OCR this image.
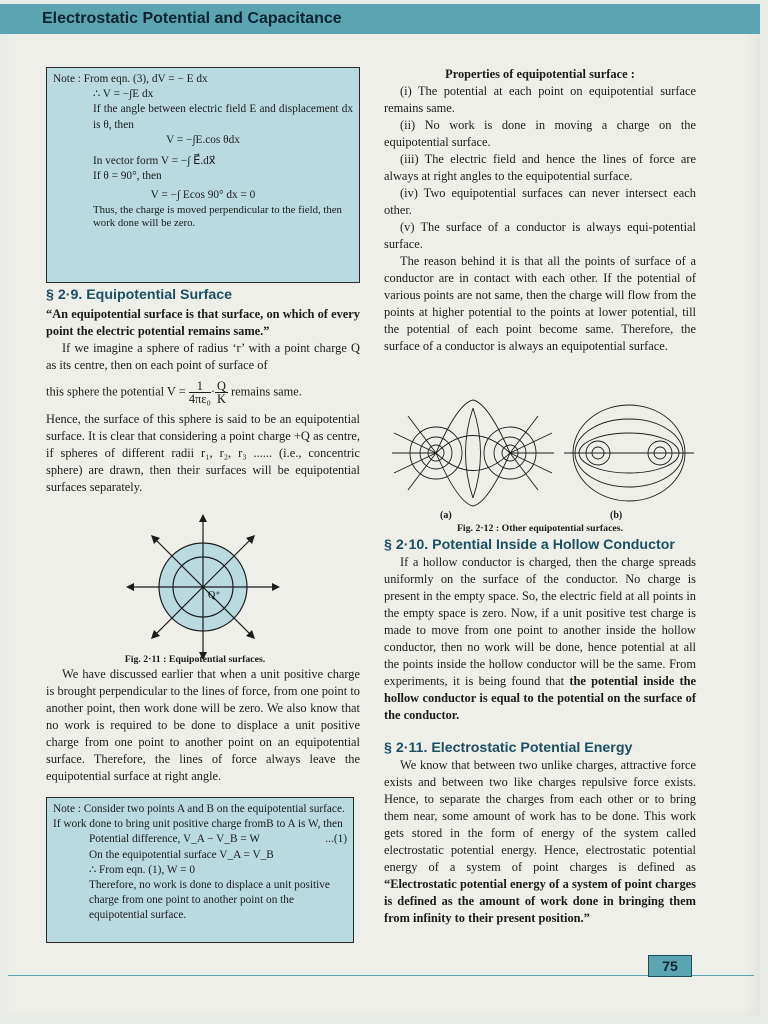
Electrostatic Potential and Capacitance

Note : From eqn. (3), dV = − E dx

∴ V = −∫E dx

If the angle between electric field E and displacement dx is θ, then

V = −∫E.cos θdx

In vector form V = −∫ E⃗.dx⃗

If θ = 90°, then

V = −∫ Ecos 90° dx = 0

Thus, the charge is moved perpendicular to the field, then work done will be zero.

§ 2·9. Equipotential Surface

“An equipotential surface is that surface, on which of every point the electric potential remains same.”

If we imagine a sphere of radius ‘r’ with a point charge Q as its centre, then on each point of surface of

this sphere the potential $V = \frac{1}{\text{4πε₀}} \cdot \frac{Q}{K}$ remains same.

Hence, the surface of this sphere is said to be an equipotential surface. It is clear that considering a point charge +Q as centre, if spheres of different radii r₁, r₂, r₃ ...... (i.e., concentric sphere) are drawn, then their surfaces will be equipotential surfaces separately.

Q⁺
Fig. 2·11 : Equipotential surfaces.

We have discussed earlier that when a unit positive charge is brought perpendicular to the lines of force, from one point to another point, then work done will be zero. We also know that no work is required to be done to displace a unit positive charge from one point to another point on an equipotential surface. Therefore, the lines of force always leave the equipotential surface at right angle.

Note : Consider two points A and B on the equipotential surface. If work done to bring unit positive charge fromB to A is W, then

Potential difference, V_A − V_B = W	...(1)

On the equipotential surface V_A = V_B

∴ From eqn. (1), W = 0

Therefore, no work is done to displace a unit positive charge from one point to another point on the equipotential surface.

Properties of equipotential surface :

(i) The potential at each point on equipotential surface remains same.

(ii) No work is done in moving a charge on the equipotential surface.

(iii) The electric field and hence the lines of force are always at right angles to the equipotential surface.

(iv) Two equipotential surfaces can never intersect each other.

(v) The surface of a conductor is always equi-potential surface.

The reason behind it is that all the points of surface of a conductor are in contact with each other. If the potential of various points are not same, then the charge will flow from the points at higher potential to the points at lower potential, till the potential of each point become same. Therefore, the surface of a conductor is always an equipotential surface.

(a)	(b)
Fig. 2·12 : Other equipotential surfaces.

§ 2·10. Potential Inside a Hollow Conductor

If a hollow conductor is charged, then the charge spreads uniformly on the surface of the conductor. No charge is present in the empty space. So, the electric field at all points in the empty space is zero. Now, if a unit positive test charge is made to move from one point to another inside the hollow conductor, then no work will be done, hence potential at all the points inside the hollow conductor will be the same. From experiments, it is being found that the potential inside the hollow conductor is equal to the potential on the surface of the conductor.

§ 2·11. Electrostatic Potential Energy

We know that between two unlike charges, attractive force exists and between two like charges repulsive force exists. Hence, to separate the charges from each other or to bring them near, some amount of work has to be done. This work gets stored in the form of energy of the system called electrostatic potential energy. Hence, electrostatic potential energy of a system of point charges is defined as “Electrostatic potential energy of a system of point charges is defined as the amount of work done in bringing them from infinity to their present position.”

75
